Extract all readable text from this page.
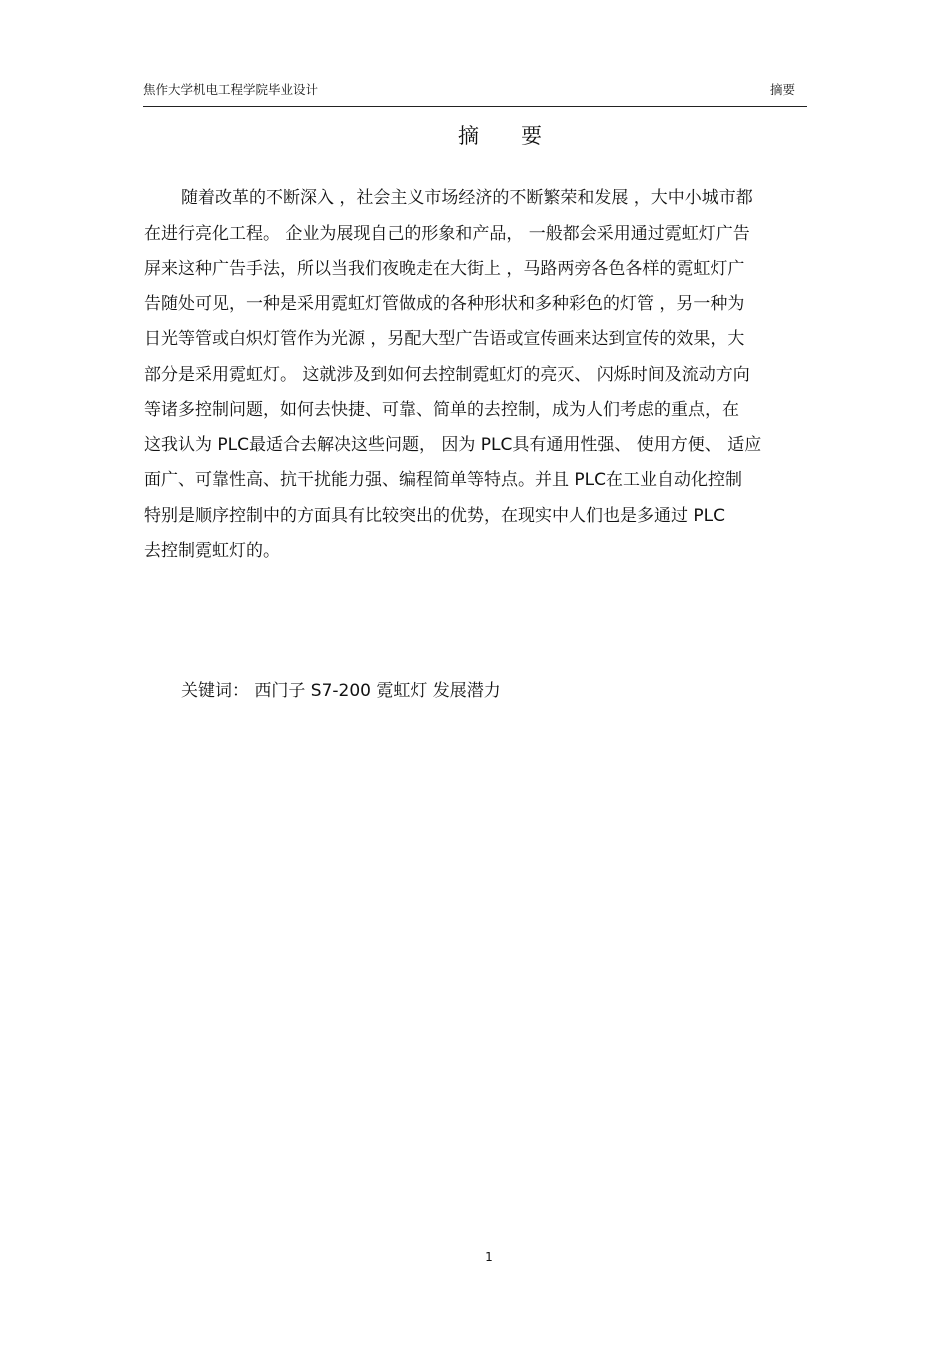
焦作大学机电工程学院毕业设计	摘要
摘 要
随着改革的不断深入 ，社会主义市场经济的不断繁荣和发展 ，大中小城市都
在进行亮化工程。 企业为展现自己的形象和产品， 一般都会采用通过霓虹灯广告
屏来这种广告手法，所以当我们夜晚走在大街上 ，马路两旁各色各样的霓虹灯广
告随处可见，一种是采用霓虹灯管做成的各种形状和多种彩色的灯管 ，另一种为
日光等管或白炽灯管作为光源 ，另配大型广告语或宣传画来达到宣传的效果，大
部分是采用霓虹灯。 这就涉及到如何去控制霓虹灯的亮灭、 闪烁时间及流动方向
等诸多控制问题，如何去快捷、可靠、简单的去控制，成为人们考虑的重点，在
这我认为 PLC最适合去解决这些问题， 因为 PLC具有通用性强、 使用方便、 适应
面广、可靠性高、抗干扰能力强、编程简单等特点。并且 PLC在工业自动化控制
特别是顺序控制中的方面具有比较突出的优势，在现实中人们也是多通过 PLC
去控制霓虹灯的。
关键词： 西门子 S7-200 霓虹灯 发展潜力
1
